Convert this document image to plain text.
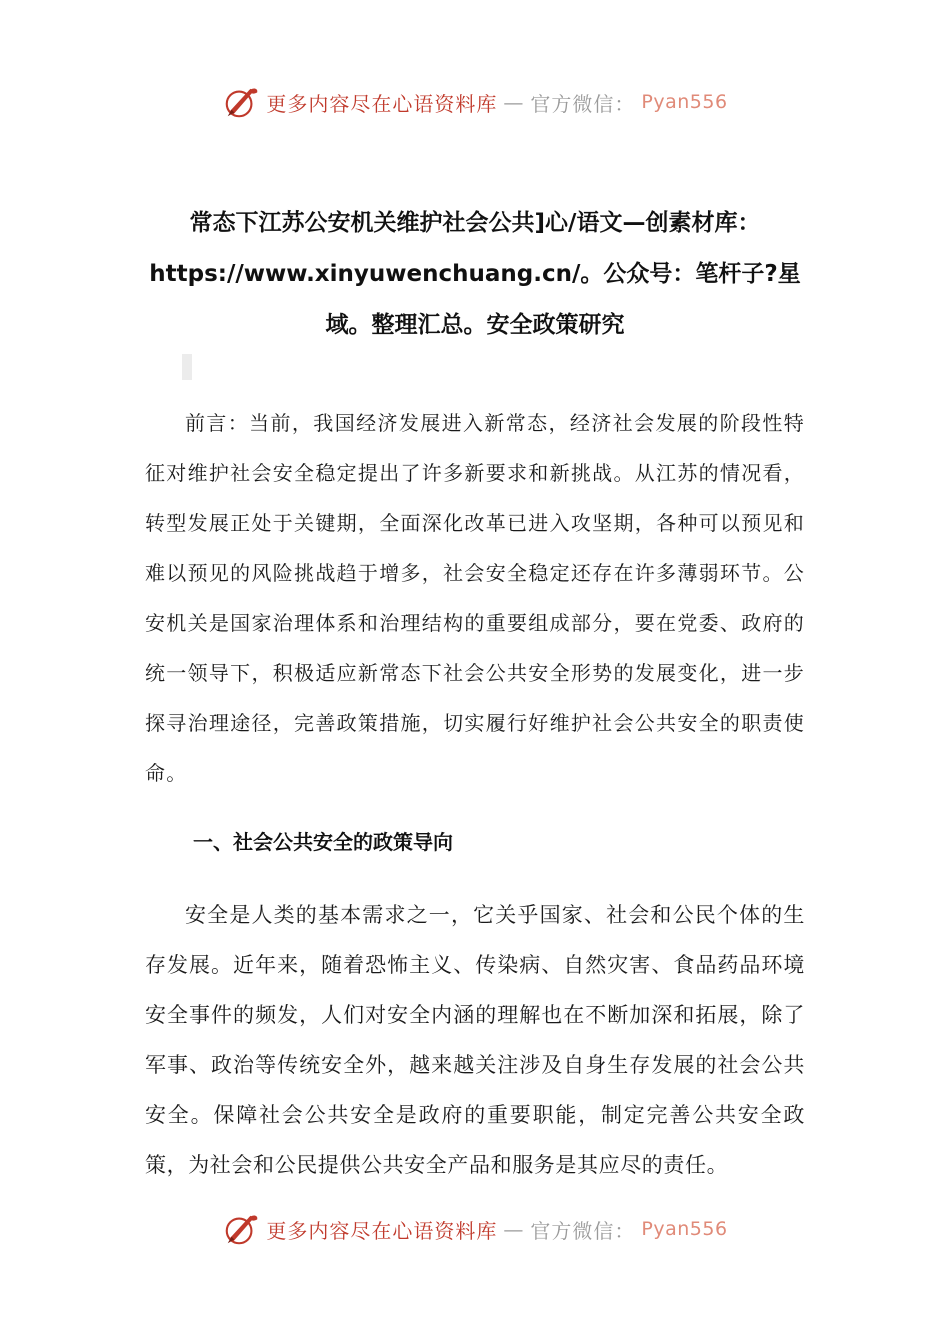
更多内容尽在心语资料库 — 官方微信： Pyan556
常态下江苏公安机关维护社会公共]心/语文—创素材库：https://www.xinyuwenchuang.cn/。公众号：笔杆子?星域。整理汇总。安全政策研究

前言：当前，我国经济发展进入新常态，经济社会发展的阶段性特征对维护社会安全稳定提出了许多新要求和新挑战。从江苏的情况看，转型发展正处于关键期，全面深化改革已进入攻坚期，各种可以预见和难以预见的风险挑战趋于增多，社会安全稳定还存在许多薄弱环节。公安机关是国家治理体系和治理结构的重要组成部分，要在党委、政府的统一领导下，积极适应新常态下社会公共安全形势的发展变化，进一步探寻治理途径，完善政策措施，切实履行好维护社会公共安全的职责使命。

一、社会公共安全的政策导向

安全是人类的基本需求之一，它关乎国家、社会和公民个体的生存发展。近年来，随着恐怖主义、传染病、自然灾害、食品药品环境安全事件的频发，人们对安全内涵的理解也在不断加深和拓展，除了军事、政治等传统安全外，越来越关注涉及自身生存发展的社会公共安全。保障社会公共安全是政府的重要职能，制定完善公共安全政策，为社会和公民提供公共安全产品和服务是其应尽的责任。

更多内容尽在心语资料库 — 官方微信： Pyan556
